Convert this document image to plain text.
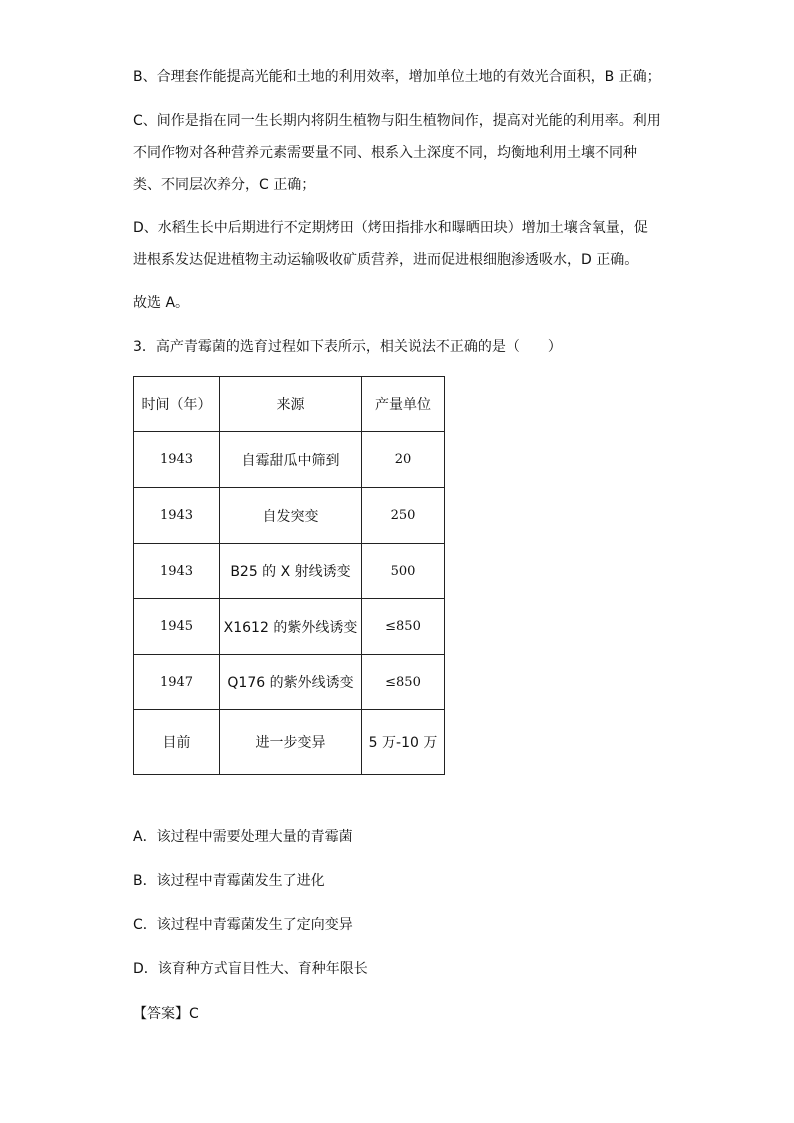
B、合理套作能提高光能和土地的利用效率，增加单位土地的有效光合面积，B 正确；
C、间作是指在同一生长期内将阴生植物与阳生植物间作，提高对光能的利用率。利用
不同作物对各种营养元素需要量不同、根系入土深度不同，均衡地利用土壤不同种
类、不同层次养分，C 正确；
D、水稻生长中后期进行不定期烤田（烤田指排水和曝晒田块）增加土壤含氧量，促
进根系发达促进植物主动运输吸收矿质营养，进而促进根细胞渗透吸水，D 正确。
故选 A。
3．高产青霉菌的选育过程如下表所示，相关说法不正确的是（　　）
时间（年）	来源	产量单位
1943	自霉甜瓜中筛到	20
1943	自发突变	250
1943	B25 的 X 射线诱变	500
1945	X1612 的紫外线诱变	≤850
1947	Q176 的紫外线诱变	≤850
目前	进一步变异	5 万-10 万
A．该过程中需要处理大量的青霉菌
B．该过程中青霉菌发生了进化
C．该过程中青霉菌发生了定向变异
D．该育种方式盲目性大、育种年限长
【答案】C
